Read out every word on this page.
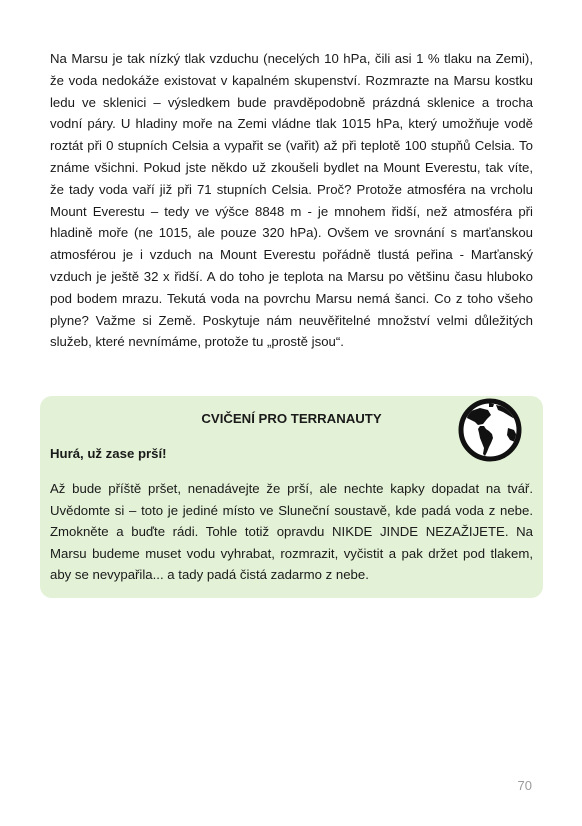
Na Marsu je tak nízký tlak vzduchu (necelých 10 hPa, čili asi 1 % tlaku na Zemi), že voda nedokáže existovat v kapalném skupenství. Rozmrazte na Marsu kostku ledu ve sklenici – výsledkem bude pravděpodobně prázdná sklenice a trocha vodní páry. U hladiny moře na Zemi vládne tlak 1015 hPa, který umožňuje vodě roztát při 0 stupních Celsia a vypařit se (vařit) až při teplotě 100 stupňů Celsia. To známe všichni. Pokud jste někdo už zkoušeli bydlet na Mount Everestu, tak víte, že tady voda vaří již při 71 stupních Celsia. Proč? Protože atmosféra na vrcholu Mount Everestu – tedy ve výšce 8848 m - je mnohem řidší, než atmosféra při hladině moře (ne 1015, ale pouze 320 hPa). Ovšem ve srovnání s marťanskou atmosférou je i vzduch na Mount Everestu pořádně tlustá peřina - Marťanský vzduch je ještě 32 x řidší. A do toho je teplota na Marsu po většinu času hluboko pod bodem mrazu. Tekutá voda na povrchu Marsu nemá šanci. Co z toho všeho plyne? Važme si Země. Poskytuje nám neuvěřitelné množství velmi důležitých služeb, které nevnímáme, protože tu „prostě jsou“.

CVIČENÍ PRO TERRANAUTY

Hurá, už zase prší!

Až bude příště pršet, nenadávejte že prší, ale nechte kapky dopadat na tvář. Uvědomte si – toto je jediné místo ve Sluneční soustavě, kde padá voda z nebe. Zmokněte a buďte rádi. Tohle totiž opravdu NIKDE JINDE NEZAŽIJETE. Na Marsu budeme muset vodu vyhrabat, rozmrazit, vyčistit a pak držet pod tlakem, aby se nevypařila... a tady padá čistá zadarmo z nebe.

70
